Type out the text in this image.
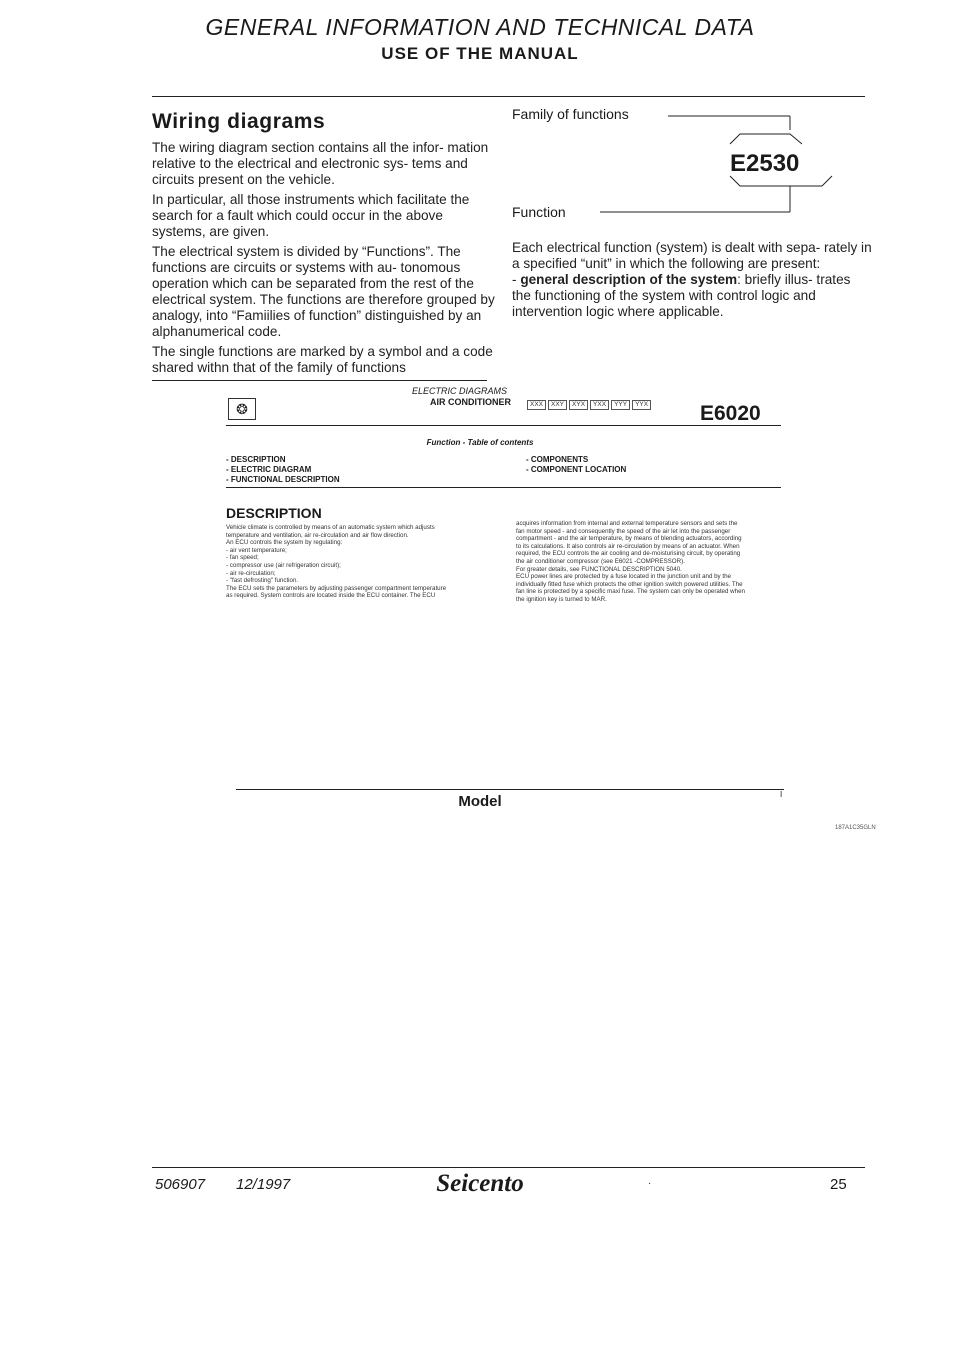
GENERAL INFORMATION AND TECHNICAL DATA
USE OF THE MANUAL
Wiring diagrams
The wiring diagram section contains all the infor- mation relative to the electrical and electronic sys- tems and circuits present on the vehicle.
In particular, all those instruments which facilitate the search for a fault which could occur in the above systems, are given.
The electrical system is divided by “Functions”. The functions are circuits or systems with au- tonomous operation which can be separated from the rest of the electrical system. The functions are therefore grouped by analogy, into “Famiilies of function” distinguished by an alphanumerical code.
The single functions are marked by a symbol and a code shared withn that of the family of functions
Family of functions
Function
E2530
Each electrical function (system) is dealt with sepa- rately in a specified “unit” in which the following are present:
- general description of the system: briefly illus- trates the functioning of the system with control logic and intervention logic where applicable.
❂
ELECTRIC DIAGRAMS
AIR CONDITIONER	XXX	XXY	XYX	YXX	YYY	YYX E6020
Function - Table of contents
- DESCRIPTION
- ELECTRIC DIAGRAM
- FUNCTIONAL DESCRIPTION
- COMPONENTS
- COMPONENT LOCATION
DESCRIPTION
Vehicle climate is controlled by means of an automatic system which adjusts
temperature and ventilation, air re-circulation and air flow direction.
An ECU controls the system by regulating:
- air vent temperature;
- fan speed;
- compressor use (air refrigeration circuit);
- air re-circulation;
- "fast defrosting" function.
The ECU sets the parameters by adjusting passenger compartment temperature
as required. System controls are located inside the ECU container. The ECU
acquires information from internal and external temperature sensors and sets the
fan motor speed - and consequently the speed of the air let into the passenger
compartment - and the air temperature, by means of blending actuators, according
to its calculations. It also controls air re-circulation by means of an actuator. When
required, the ECU controls the air cooling and de-moisturising circuit, by operating
the air conditioner compressor (see E6021 -COMPRESSOR).
For greater details, see FUNCTIONAL DESCRIPTION 5040.
ECU power lines are protected by a fuse located in the junction unit and by the
individually fitted fuse which protects the other ignition switch powered utilities. The
fan line is protected by a specific maxi fuse. The system can only be operated when
the ignition key is turned to MAR.
Model	I
187A1C35GLN
506907 12/1997	Seicento	·	25
